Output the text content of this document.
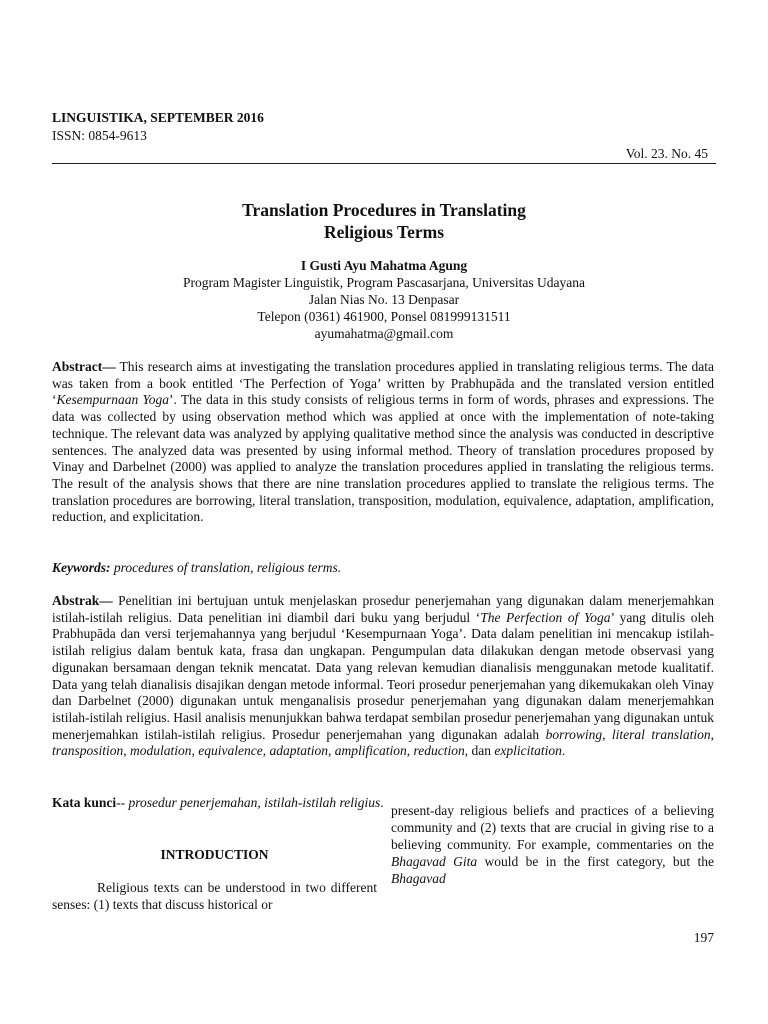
LINGUISTIKA, SEPTEMBER 2016
ISSN: 0854-9613
Vol. 23. No. 45
Translation Procedures in Translating
Religious Terms
I Gusti Ayu Mahatma Agung
Program Magister Linguistik, Program Pascasarjana, Universitas Udayana
Jalan Nias No. 13 Denpasar
Telepon (0361) 461900, Ponsel 081999131511
ayumahatma@gmail.com

Abstract— This research aims at investigating the translation procedures applied in translating religious terms. The data was taken from a book entitled ‘The Perfection of Yoga’ written by Prabhupāda and the translated version entitled ‘Kesempurnaan Yoga’. The data in this study consists of religious terms in form of words, phrases and expressions. The data was collected by using observation method which was applied at once with the implementation of note-taking technique. The relevant data was analyzed by applying qualitative method since the analysis was conducted in descriptive sentences. The analyzed data was presented by using informal method. Theory of translation procedures proposed by Vinay and Darbelnet (2000) was applied to analyze the translation procedures applied in translating the religious terms. The result of the analysis shows that there are nine translation procedures applied to translate the religious terms. The translation procedures are borrowing, literal translation, transposition, modulation, equivalence, adaptation, amplification, reduction, and explicitation.

Keywords: procedures of translation, religious terms.

Abstrak— Penelitian ini bertujuan untuk menjelaskan prosedur penerjemahan yang digunakan dalam menerjemahkan istilah-istilah religius. Data penelitian ini diambil dari buku yang berjudul ‘The Perfection of Yoga’ yang ditulis oleh Prabhupāda dan versi terjemahannya yang berjudul ‘Kesempurnaan Yoga’. Data dalam penelitian ini mencakup istilah-istilah religius dalam bentuk kata, frasa dan ungkapan. Pengumpulan data dilakukan dengan metode observasi yang digunakan bersamaan dengan teknik mencatat. Data yang relevan kemudian dianalisis menggunakan metode kualitatif. Data yang telah dianalisis disajikan dengan metode informal. Teori prosedur penerjemahan yang dikemukakan oleh Vinay dan Darbelnet (2000) digunakan untuk menganalisis prosedur penerjemahan yang digunakan dalam menerjemahkan istilah-istilah religius. Hasil analisis menunjukkan bahwa terdapat sembilan prosedur penerjemahan yang digunakan untuk menerjemahkan istilah-istilah religius. Prosedur penerjemahan yang digunakan adalah borrowing, literal translation, transposition, modulation, equivalence, adaptation, amplification, reduction, dan explicitation.

Kata kunci-- prosedur penerjemahan, istilah-istilah religius.

INTRODUCTION

Religious texts can be understood in two different senses: (1) texts that discuss historical or

present-day religious beliefs and practices of a believing community and (2) texts that are crucial in giving rise to a believing community. For example, commentaries on the Bhagavad Gita would be in the first category, but the Bhagavad

197
